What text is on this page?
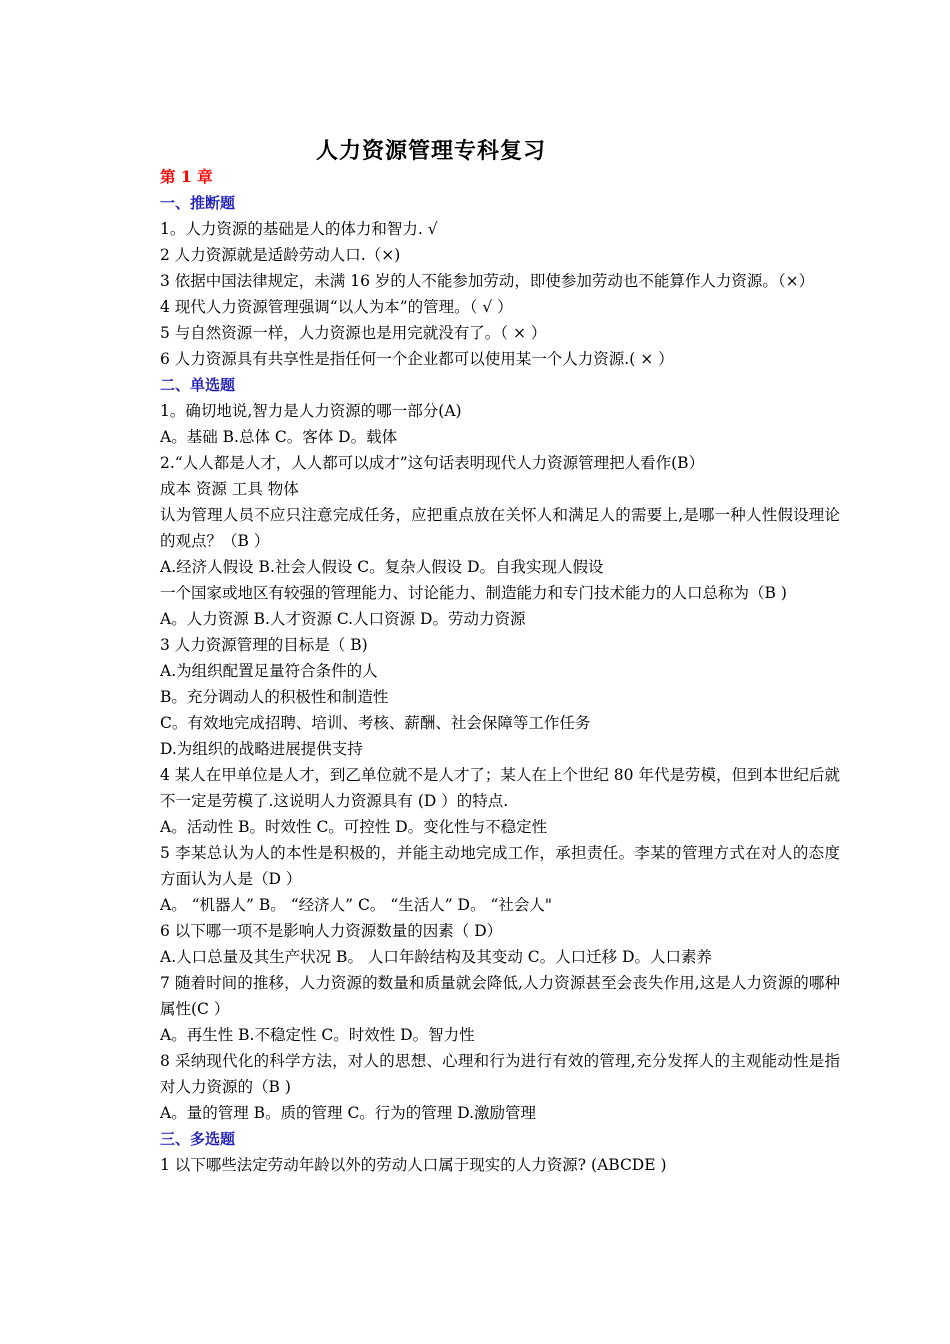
人力资源管理专科复习
第 1 章
一、推断题
1。人力资源的基础是人的体力和智力. √
2 人力资源就是适龄劳动人口.（×)
3 依据中国法律规定，未满 16 岁的人不能参加劳动，即使参加劳动也不能算作人力资源。（×）
4 现代人力资源管理强调“以人为本”的管理。（ √ ）
5 与自然资源一样，人力资源也是用完就没有了。（ × ）
6 人力资源具有共享性是指任何一个企业都可以使用某一个人力资源.( × ）
二、单选题
1。确切地说,智力是人力资源的哪一部分(A)
A。基础 B.总体 C。客体 D。载体
2.“人人都是人才，人人都可以成才”这句话表明现代人力资源管理把人看作(B）
成本 资源 工具 物体
认为管理人员不应只注意完成任务，应把重点放在关怀人和满足人的需要上,是哪一种人性假设理论的观点？（B ）
A.经济人假设 B.社会人假设 C。复杂人假设 D。自我实现人假设
一个国家或地区有较强的管理能力、讨论能力、制造能力和专门技术能力的人口总称为（B )
A。人力资源 B.人才资源 C.人口资源 D。劳动力资源
3 人力资源管理的目标是（ B)
A.为组织配置足量符合条件的人
B。充分调动人的积极性和制造性
C。有效地完成招聘、培训、考核、薪酬、社会保障等工作任务
D.为组织的战略进展提供支持
4 某人在甲单位是人才，到乙单位就不是人才了；某人在上个世纪 80 年代是劳模，但到本世纪后就不一定是劳模了.这说明人力资源具有 (D ）的特点.
A。活动性 B。时效性 C。可控性 D。变化性与不稳定性
5 李某总认为人的本性是积极的，并能主动地完成工作，承担责任。李某的管理方式在对人的态度方面认为人是（D ）
A。 “机器人” B。 “经济人” C。 “生活人” D。 “社会人"
6 以下哪一项不是影响人力资源数量的因素（ D）
A.人口总量及其生产状况 B。 人口年龄结构及其变动 C。人口迁移 D。人口素养
7 随着时间的推移，人力资源的数量和质量就会降低,人力资源甚至会丧失作用,这是人力资源的哪种属性(C ）
A。再生性 B.不稳定性 C。时效性 D。智力性
8 采纳现代化的科学方法，对人的思想、心理和行为进行有效的管理,充分发挥人的主观能动性是指对人力资源的（B )
A。量的管理 B。质的管理 C。行为的管理 D.激励管理
三、多选题
1 以下哪些法定劳动年龄以外的劳动人口属于现实的人力资源? (ABCDE )
